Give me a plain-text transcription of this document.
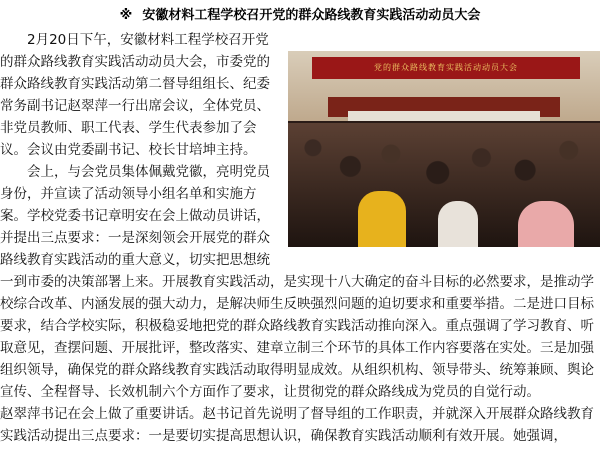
※ 安徽材料工程学校召开党的群众路线教育实践活动动员大会
党的群众路线教育实践活动动员大会

2月20日下午，安徽材料工程学校召开党的群众路线教育实践活动动员大会，市委党的群众路线教育实践活动第二督导组组长、纪委常务副书记赵翠萍一行出席会议，全体党员、非党员教师、职工代表、学生代表参加了会议。会议由党委副书记、校长甘培坤主持。

会上，与会党员集体佩戴党徽，亮明党员身份，并宣读了活动领导小组名单和实施方案。学校党委书记章明安在会上做动员讲话，并提出三点要求：一是深刻领会开展党的群众路线教育实践活动的重大意义，切实把思想统一到市委的决策部署上来。开展教育实践活动，是实现十八大确定的奋斗目标的必然要求，是推动学校综合改革、内涵发展的强大动力，是解决师生反映强烈问题的迫切要求和重要举措。二是进口目标要求，结合学校实际，积极稳妥地把党的群众路线教育实践活动推向深入。重点强调了学习教育、听取意见，查摆问题、开展批评，整改落实、建章立制三个环节的具体工作内容要落在实处。三是加强组织领导，确保党的群众路线教育实践活动取得明显成效。从组织机构、领导带头、统筹兼顾、舆论宣传、全程督导、长效机制六个方面作了要求，让贯彻党的群众路线成为党员的自觉行动。

赵翠萍书记在会上做了重要讲话。赵书记首先说明了督导组的工作职责，并就深入开展群众路线教育实践活动提出三点要求：一是要切实提高思想认识，确保教育实践活动顺利有效开展。她强调，
